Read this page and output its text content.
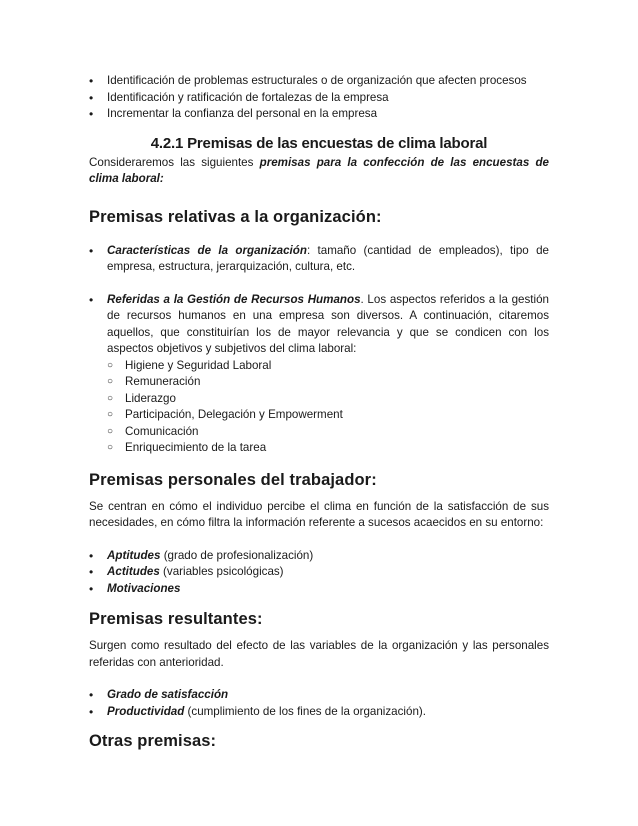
•	Identificación de problemas estructurales o de organización que afecten procesos
•	Identificación y ratificación de fortalezas de la empresa
•	Incrementar la confianza del personal en la empresa
4.2.1 Premisas de las encuestas de clima laboral

Consideraremos las siguientes premisas para la confección de las encuestas de clima laboral:

Premisas relativas a la organización:
•	Características de la organización: tamaño (cantidad de empleados), tipo de empresa, estructura, jerarquización, cultura, etc.
•	Referidas a la Gestión de Recursos Humanos. Los aspectos referidos a la gestión de recursos humanos en una empresa son diversos. A continuación, citaremos aquellos, que constituirían los de mayor relevancia y que se condicen con los aspectos objetivos y subjetivos del clima laboral:
○ Higiene y Seguridad Laboral
○ Remuneración
○ Liderazgo
○ Participación, Delegación y Empowerment
○ Comunicación
○ Enriquecimiento de la tarea
Premisas personales del trabajador:

Se centran en cómo el individuo percibe el clima en función de la satisfacción de sus necesidades, en cómo filtra la información referente a sucesos acaecidos en su entorno:

•	Aptitudes (grado de profesionalización)
•	Actitudes (variables psicológicas)
•	Motivaciones
Premisas resultantes:

Surgen como resultado del efecto de las variables de la organización y las personales referidas con anterioridad.

•	Grado de satisfacción
•	Productividad (cumplimiento de los fines de la organización).
Otras premisas:
